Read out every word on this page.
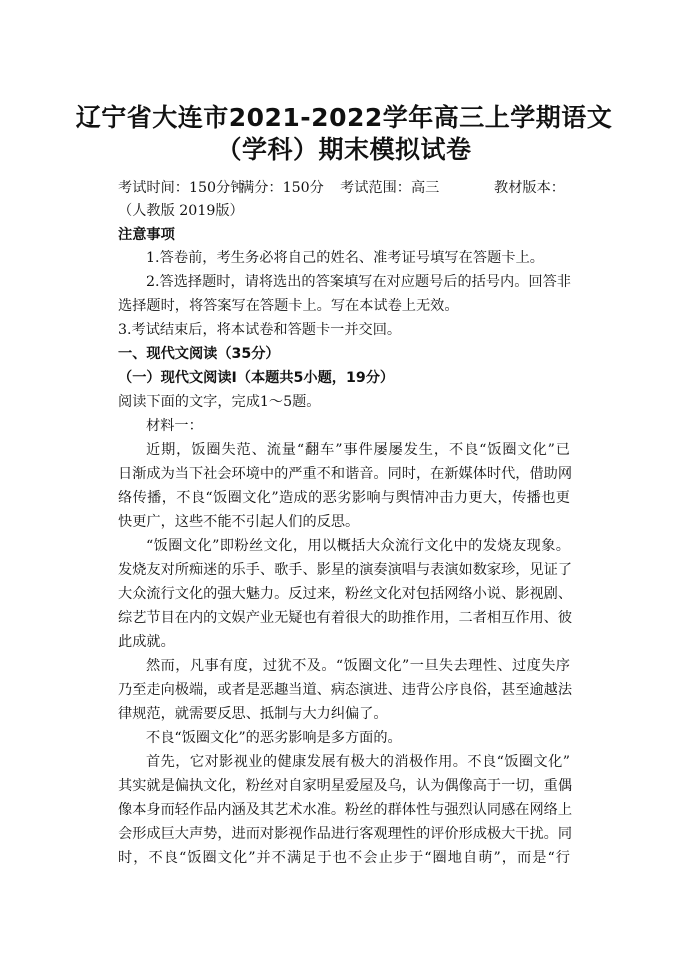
辽宁省大连市2021-2022学年高三上学期语文
（学科）期末模拟试卷
考试时间：150分钟满分：150分 考试范围：高三	教材版本：
（人教版 2019版）
注意事项
1.答卷前，考生务必将自己的姓名、准考证号填写在答题卡上。
2.答选择题时，请将选出的答案填写在对应题号后的括号内。回答非
选择题时，将答案写在答题卡上。写在本试卷上无效。
3.考试结束后，将本试卷和答题卡一并交回。
一、现代文阅读（35分）
（一）现代文阅读Ⅰ（本题共5小题，19分）
阅读下面的文字，完成1～5题。
材料一：
近期，饭圈失范、流量“翻车”事件屡屡发生，不良“饭圈文化”已
日渐成为当下社会环境中的严重不和谐音。同时，在新媒体时代，借助网
络传播，不良“饭圈文化”造成的恶劣影响与舆情冲击力更大，传播也更
快更广，这些不能不引起人们的反思。
“饭圈文化”即粉丝文化，用以概括大众流行文化中的发烧友现象。
发烧友对所痴迷的乐手、歌手、影星的演奏演唱与表演如数家珍，见证了
大众流行文化的强大魅力。反过来，粉丝文化对包括网络小说、影视剧、
综艺节目在内的文娱产业无疑也有着很大的助推作用，二者相互作用、彼
此成就。
然而，凡事有度，过犹不及。“饭圈文化”一旦失去理性、过度失序
乃至走向极端，或者是恶趣当道、病态演进、违背公序良俗，甚至逾越法
律规范，就需要反思、抵制与大力纠偏了。
不良“饭圈文化”的恶劣影响是多方面的。
首先，它对影视业的健康发展有极大的消极作用。不良“饭圈文化”
其实就是偏执文化，粉丝对自家明星爱屋及乌，认为偶像高于一切，重偶
像本身而轻作品内涵及其艺术水准。粉丝的群体性与强烈认同感在网络上
会形成巨大声势，进而对影视作品进行客观理性的评价形成极大干扰。同
时，不良“饭圈文化”并不满足于也不会止步于“圈地自萌”，而是“行
